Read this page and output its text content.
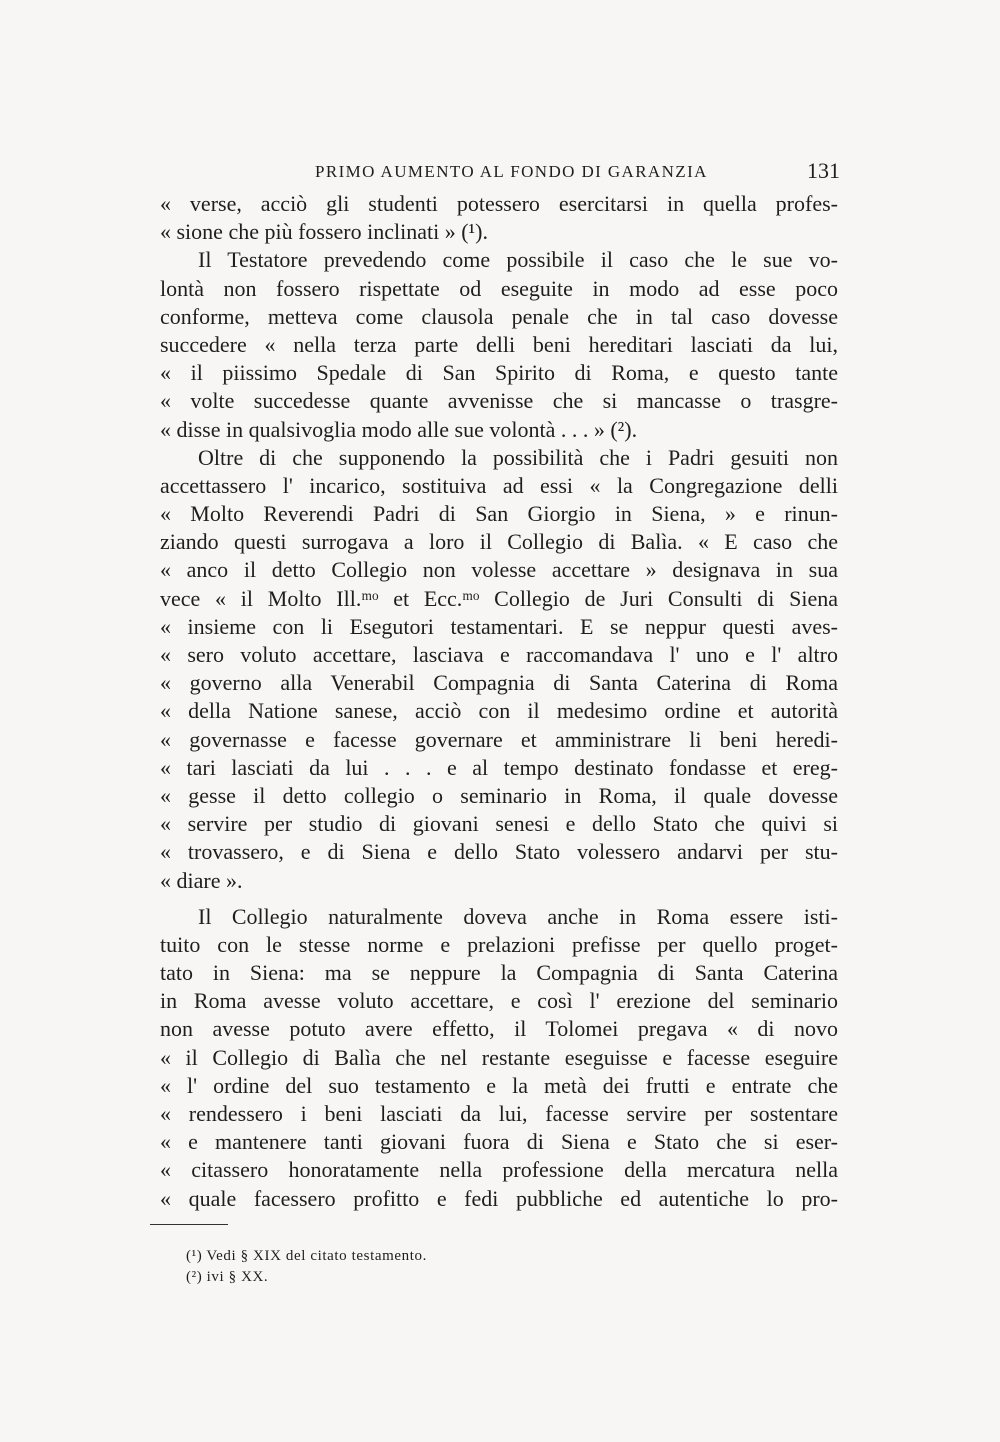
PRIMO AUMENTO AL FONDO DI GARANZIA	131
« verse, acciò gli studenti potessero esercitarsi in quella profes-
« sione che più fossero inclinati » (¹).
Il Testatore prevedendo come possibile il caso che le sue vo-
lontà non fossero rispettate od eseguite in modo ad esse poco
conforme, metteva come clausola penale che in tal caso dovesse
succedere « nella terza parte delli beni hereditari lasciati da lui,
« il piissimo Spedale di San Spirito di Roma, e questo tante
« volte succedesse quante avvenisse che si mancasse o trasgre-
« disse in qualsivoglia modo alle sue volontà . . . » (²).
Oltre di che supponendo la possibilità che i Padri gesuiti non
accettassero l' incarico, sostituiva ad essi « la Congregazione delli
« Molto Reverendi Padri di San Giorgio in Siena, » e rinun-
ziando questi surrogava a loro il Collegio di Balìa. « E caso che
« anco il detto Collegio non volesse accettare » designava in sua
vece « il Molto Ill.ᵐᵒ et Ecc.ᵐᵒ Collegio de Juri Consulti di Siena
« insieme con li Esegutori testamentari. E se neppur questi aves-
« sero voluto accettare, lasciava e raccomandava l' uno e l' altro
« governo alla Venerabil Compagnia di Santa Caterina di Roma
« della Natione sanese, acciò con il medesimo ordine et autorità
« governasse e facesse governare et amministrare li beni heredi-
« tari lasciati da lui . . . e al tempo destinato fondasse et ereg-
« gesse il detto collegio o seminario in Roma, il quale dovesse
« servire per studio di giovani senesi e dello Stato che quivi si
« trovassero, e di Siena e dello Stato volessero andarvi per stu-
« diare ».
Il Collegio naturalmente doveva anche in Roma essere isti-
tuito con le stesse norme e prelazioni prefisse per quello proget-
tato in Siena: ma se neppure la Compagnia di Santa Caterina
in Roma avesse voluto accettare, e così l' erezione del seminario
non avesse potuto avere effetto, il Tolomei pregava « di novo
« il Collegio di Balìa che nel restante eseguisse e facesse eseguire
« l' ordine del suo testamento e la metà dei frutti e entrate che
« rendessero i beni lasciati da lui, facesse servire per sostentare
« e mantenere tanti giovani fuora di Siena e Stato che si eser-
« citassero honoratamente nella professione della mercatura nella
« quale facessero profitto e fedi pubbliche ed autentiche lo pro-
(¹) Vedi § XIX del citato testamento.
(²) ivi § XX.
